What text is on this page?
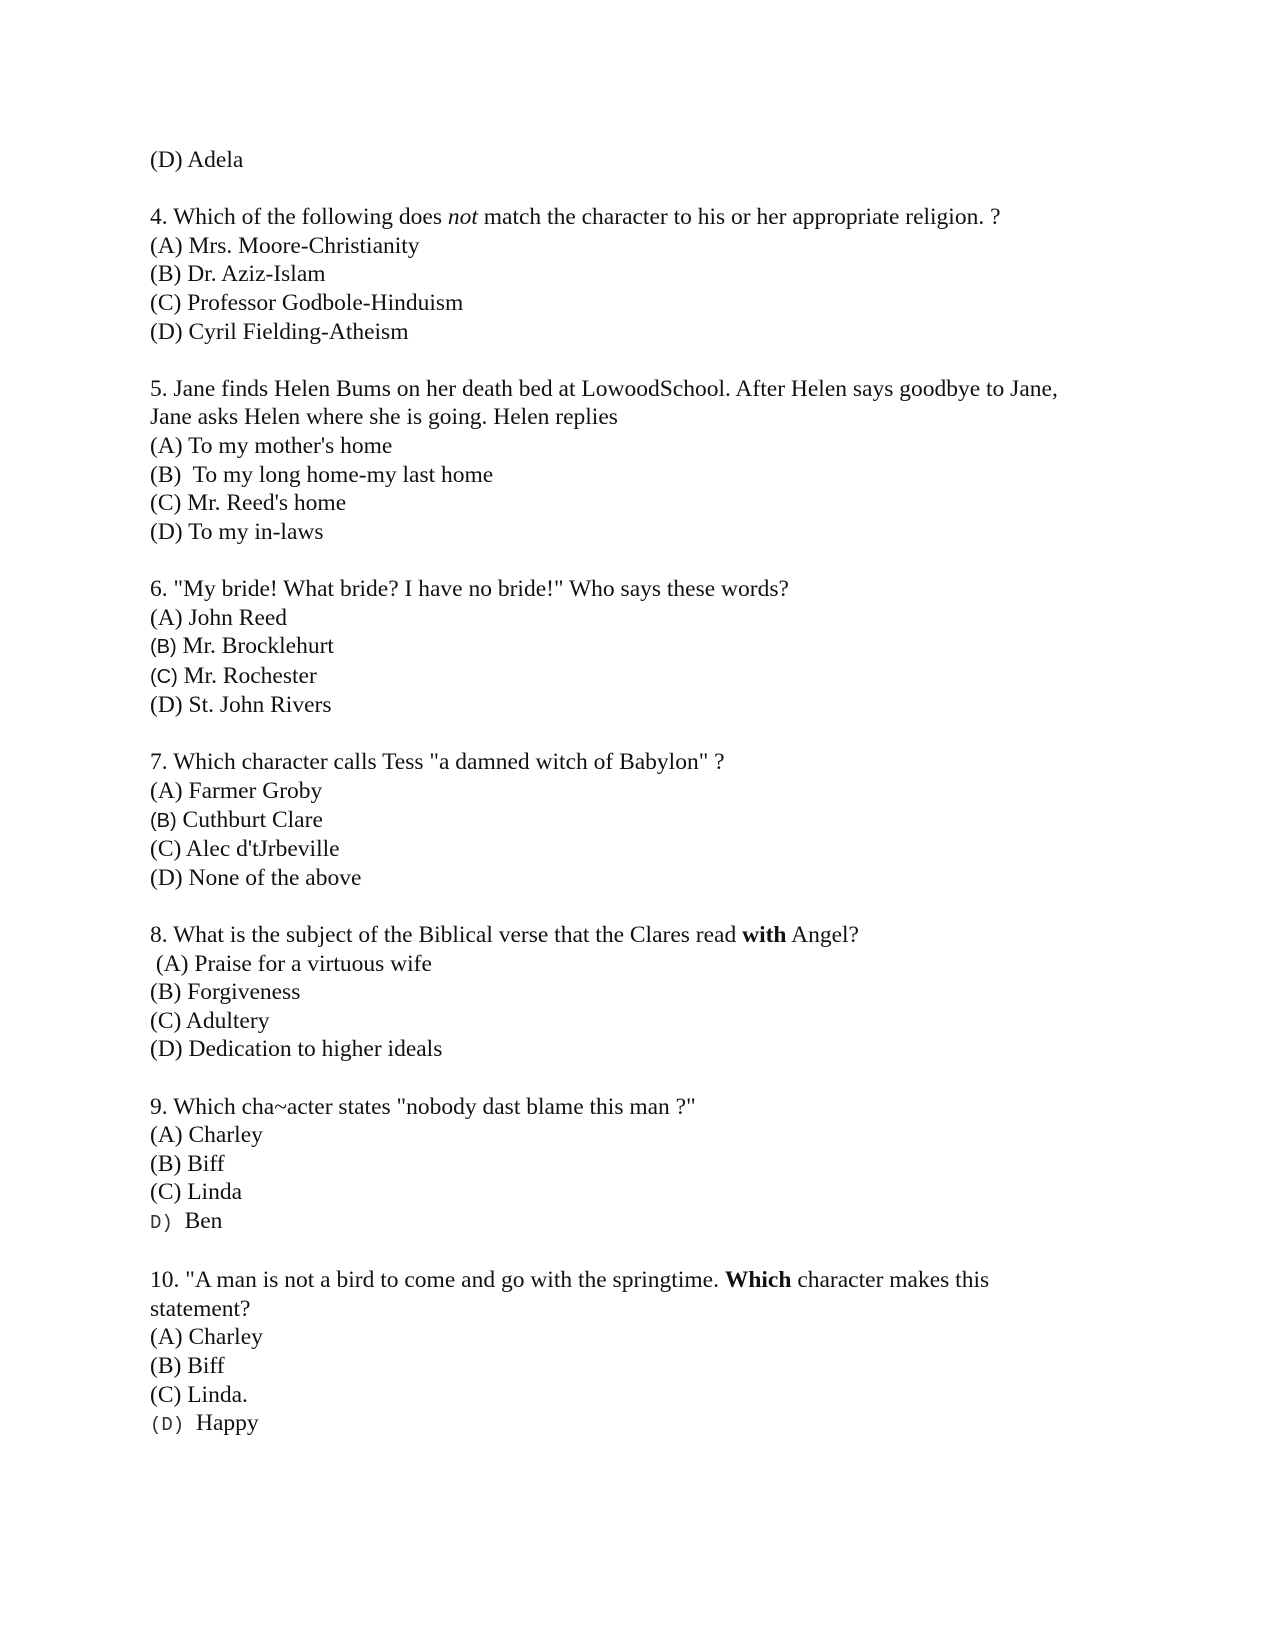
(D) Adela

4. Which of the following does not match the character to his or her appropriate religion. ?

(A) Mrs. Moore-Christianity

(B) Dr. Aziz-Islam

(C) Professor Godbole-Hinduism

(D) Cyril Fielding-Atheism

5. Jane finds Helen Bums on her death bed at LowoodSchool. After Helen says goodbye to Jane, Jane asks Helen where she is going. Helen replies

(A) To my mother's home

(B)  To my long home-my last home

(C) Mr. Reed's home

(D) To my in-laws

6. "My bride! What bride? I have no bride!" Who says these words?

(A) John Reed

(B) Mr. Brocklehurt

(C) Mr. Rochester

(D) St. John Rivers

7. Which character calls Tess "a damned witch of Babylon" ?

(A) Farmer Groby

(B) Cuthburt Clare

(C) Alec d'tJrbeville

(D) None of the above

8. What is the subject of the Biblical verse that the Clares read with Angel?

(A) Praise for a virtuous wife

(B) Forgiveness

(C) Adultery

(D) Dedication to higher ideals

9. Which cha~acter states "nobody dast blame this man ?"

(A) Charley

(B) Biff

(C) Linda

D)  Ben

10. "A man is not a bird to come and go with the springtime. Which character makes this statement?

(A) Charley

(B) Biff

(C) Linda.

(D)  Happy
